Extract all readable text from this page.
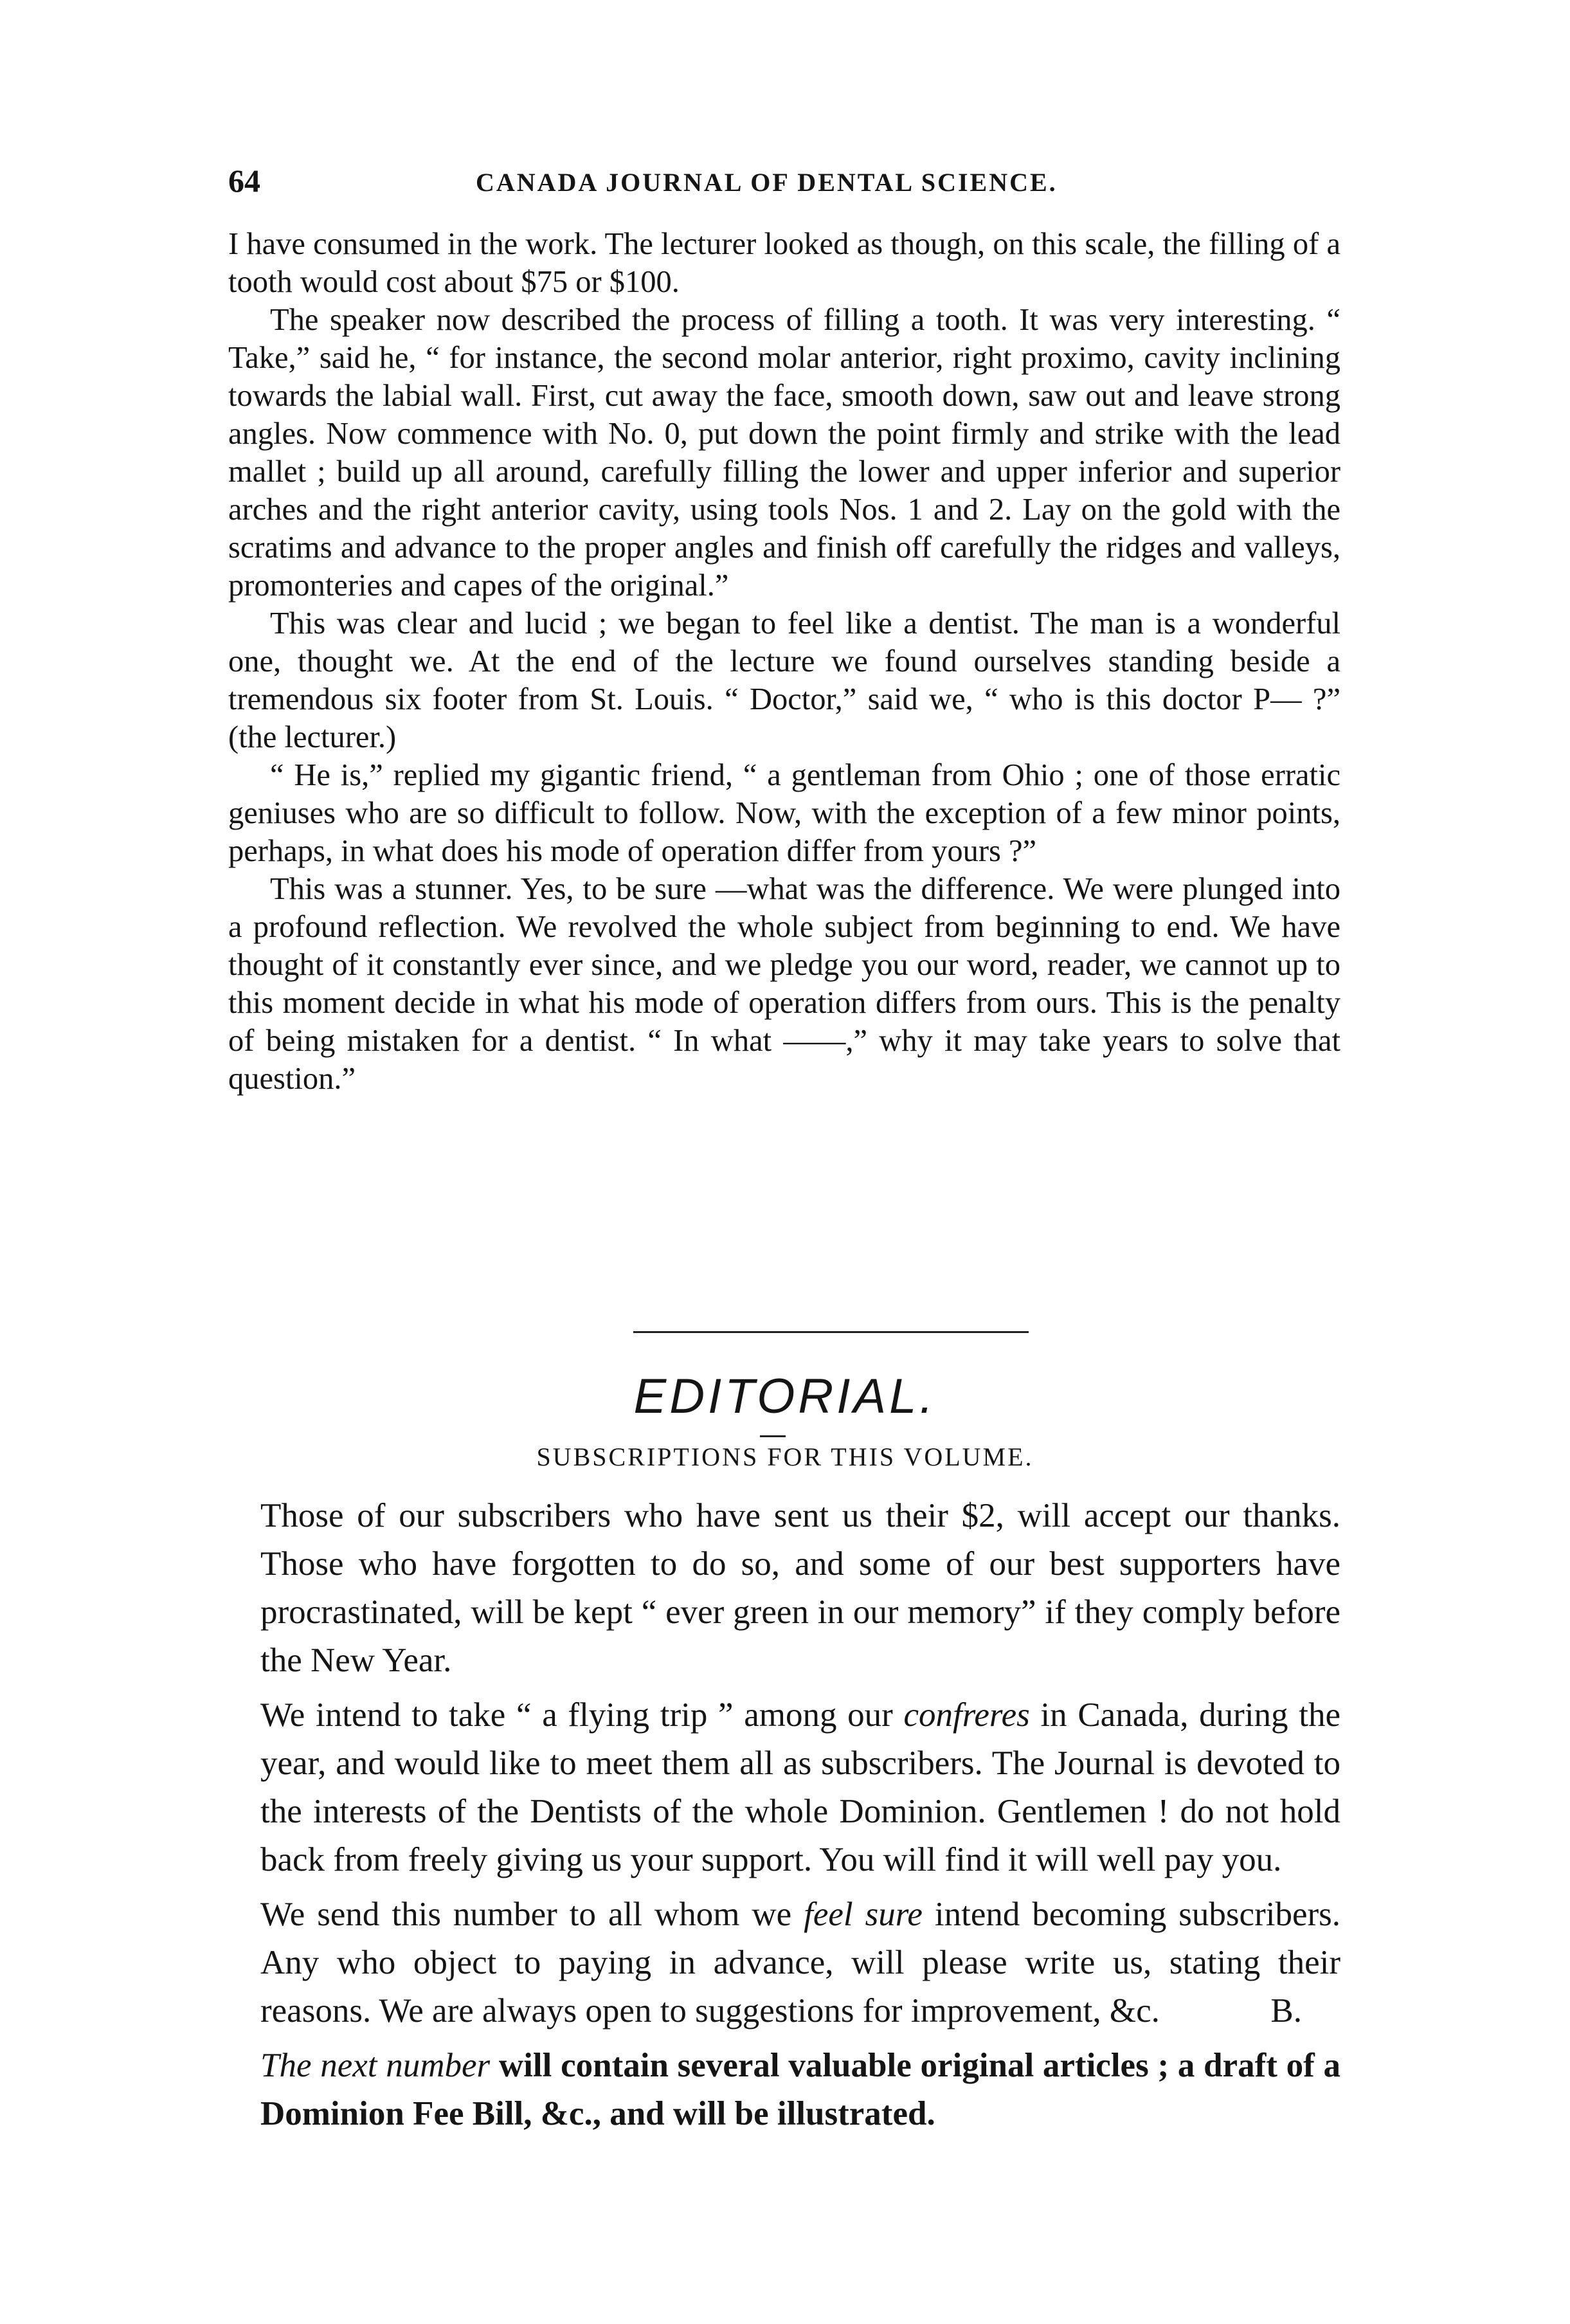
64	CANADA JOURNAL OF DENTAL SCIENCE.

I have consumed in the work. The lecturer looked as though, on this scale, the filling of a tooth would cost about $75 or $100.

The speaker now described the process of filling a tooth. It was very interesting. “ Take,” said he, “ for instance, the second molar anterior, right proximo, cavity inclining towards the labial wall. First, cut away the face, smooth down, saw out and leave strong angles. Now commence with No. 0, put down the point firmly and strike with the lead mallet ; build up all around, carefully filling the lower and upper inferior and superior arches and the right anterior cavity, using tools Nos. 1 and 2. Lay on the gold with the scratims and advance to the proper angles and finish off carefully the ridges and valleys, promonteries and capes of the original.”

This was clear and lucid ; we began to feel like a dentist. The man is a wonderful one, thought we. At the end of the lecture we found ourselves standing beside a tremendous six footer from St. Louis. “ Doctor,” said we, “ who is this doctor P— ?” (the lecturer.)

“ He is,” replied my gigantic friend, “ a gentleman from Ohio ; one of those erratic geniuses who are so difficult to follow. Now, with the exception of a few minor points, perhaps, in what does his mode of operation differ from yours ?”

This was a stunner. Yes, to be sure —what was the difference. We were plunged into a profound reflection. We revolved the whole subject from beginning to end. We have thought of it constantly ever since, and we pledge you our word, reader, we cannot up to this moment decide in what his mode of operation differs from ours. This is the penalty of being mistaken for a dentist. “ In what ——,” why it may take years to solve that question.”

EDITORIAL.
SUBSCRIPTIONS FOR THIS VOLUME.

Those of our subscribers who have sent us their $2, will accept our thanks. Those who have forgotten to do so, and some of our best supporters have procrastinated, will be kept “ ever green in our memory” if they comply before the New Year.

We intend to take “ a flying trip ” among our confreres in Canada, during the year, and would like to meet them all as subscribers. The Journal is devoted to the interests of the Dentists of the whole Dominion. Gentlemen ! do not hold back from freely giving us your support. You will find it will well pay you.

We send this number to all whom we feel sure intend becoming subscribers. Any who object to paying in advance, will please write us, stating their reasons. We are always open to suggestions for improvement, &c.	B.

The next number will contain several valuable original articles ; a draft of a Dominion Fee Bill, &c., and will be illustrated.
